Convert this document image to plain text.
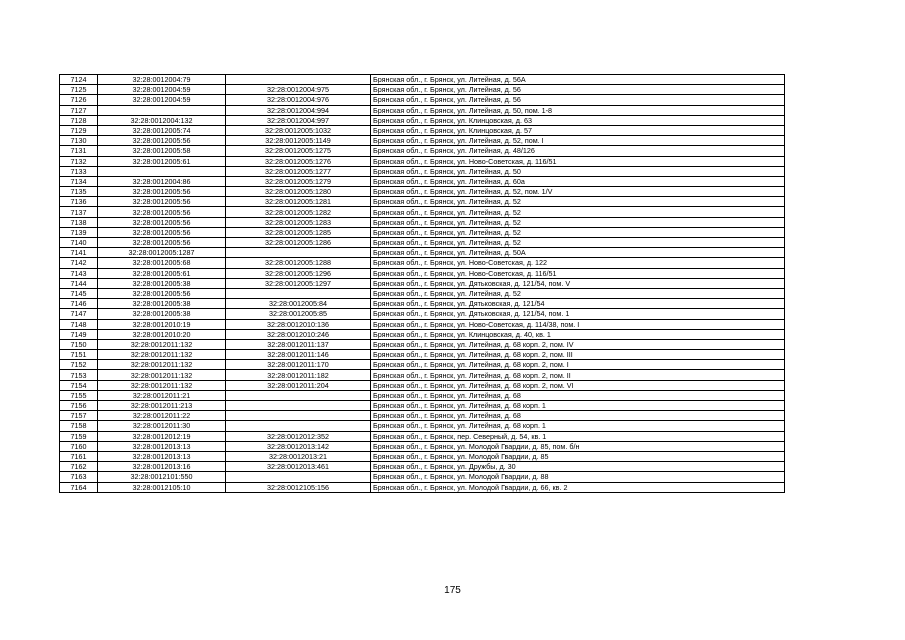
7124	32:28:0012004:79		Брянская обл., г. Брянск, ул. Литейная, д. 56А
7125	32:28:0012004:59	32:28:0012004:975	Брянская обл., г. Брянск, ул. Литейная, д. 56
7126	32:28:0012004:59	32:28:0012004:976	Брянская обл., г. Брянск, ул. Литейная, д. 56
7127		32:28:0012004:994	Брянская обл., г. Брянск, ул. Литейная, д. 50, пом. 1-8
7128	32:28:0012004:132	32:28:0012004:997	Брянская обл., г. Брянск, ул. Клинцовская, д. 63
7129	32:28:0012005:74	32:28:0012005:1032	Брянская обл., г. Брянск, ул. Клинцовская, д. 57
7130	32:28:0012005:56	32:28:0012005:1149	Брянская обл., г. Брянск, ул. Литейная, д. 52, пом. I
7131	32:28:0012005:58	32:28:0012005:1275	Брянская обл., г. Брянск, ул. Литейная, д. 48/126
7132	32:28:0012005:61	32:28:0012005:1276	Брянская обл., г. Брянск, ул. Ново-Советская, д. 116/51
7133		32:28:0012005:1277	Брянская обл., г. Брянск, ул. Литейная, д. 50
7134	32:28:0012004:86	32:28:0012005:1279	Брянская обл., г. Брянск, ул. Литейная, д. 60а
7135	32:28:0012005:56	32:28:0012005:1280	Брянская обл., г. Брянск, ул. Литейная, д. 52, пом. 1/V
7136	32:28:0012005:56	32:28:0012005:1281	Брянская обл., г. Брянск, ул. Литейная, д. 52
7137	32:28:0012005:56	32:28:0012005:1282	Брянская обл., г. Брянск, ул. Литейная, д. 52
7138	32:28:0012005:56	32:28:0012005:1283	Брянская обл., г. Брянск, ул. Литейная, д. 52
7139	32:28:0012005:56	32:28:0012005:1285	Брянская обл., г. Брянск, ул. Литейная, д. 52
7140	32:28:0012005:56	32:28:0012005:1286	Брянская обл., г. Брянск, ул. Литейная, д. 52
7141	32:28:0012005:1287		Брянская обл., г. Брянск, ул. Литейная, д. 50А
7142	32:28:0012005:68	32:28:0012005:1288	Брянская обл., г. Брянск, ул. Ново-Советская, д. 122
7143	32:28:0012005:61	32:28:0012005:1296	Брянская обл., г. Брянск, ул. Ново-Советская, д. 116/51
7144	32:28:0012005:38	32:28:0012005:1297	Брянская обл., г. Брянск, ул. Дятьковская, д. 121/54, пом. V
7145	32:28:0012005:56		Брянская обл., г. Брянск, ул. Литейная, д. 52
7146	32:28:0012005:38	32:28:0012005:84	Брянская обл., г. Брянск, ул. Дятьковская, д. 121/54
7147	32:28:0012005:38	32:28:0012005:85	Брянская обл., г. Брянск, ул. Дятьковская, д. 121/54, пом. 1
7148	32:28:0012010:19	32:28:0012010:136	Брянская обл., г. Брянск, ул. Ново-Советская, д. 114/38, пом. I
7149	32:28:0012010:20	32:28:0012010:246	Брянская обл., г. Брянск, ул. Клинцовская, д. 40, кв. 1
7150	32:28:0012011:132	32:28:0012011:137	Брянская обл., г. Брянск, ул. Литейная, д. 68 корп. 2, пом. IV
7151	32:28:0012011:132	32:28:0012011:146	Брянская обл., г. Брянск, ул. Литейная, д. 68 корп. 2, пом. III
7152	32:28:0012011:132	32:28:0012011:170	Брянская обл., г. Брянск, ул. Литейная, д. 68 корп. 2, пом. I
7153	32:28:0012011:132	32:28:0012011:182	Брянская обл., г. Брянск, ул. Литейная, д. 68 корп. 2, пом. II
7154	32:28:0012011:132	32:28:0012011:204	Брянская обл., г. Брянск, ул. Литейная, д. 68 корп. 2, пом. VI
7155	32:28:0012011:21		Брянская обл., г. Брянск, ул. Литейная, д. 68
7156	32:28:0012011:213		Брянская обл., г. Брянск, ул. Литейная, д. 68 корп. 1
7157	32:28:0012011:22		Брянская обл., г. Брянск, ул. Литейная, д. 68
7158	32:28:0012011:30		Брянская обл., г. Брянск, ул. Литейная, д. 68 корп. 1
7159	32:28:0012012:19	32:28:0012012:352	Брянская обл., г. Брянск, пер. Северный, д. 54, кв. 1
7160	32:28:0012013:13	32:28:0012013:142	Брянская обл., г. Брянск, ул. Молодой Гвардии, д. 85, пом. б/н
7161	32:28:0012013:13	32:28:0012013:21	Брянская обл., г. Брянск, ул. Молодой Гвардии, д. 85
7162	32:28:0012013:16	32:28:0012013:461	Брянская обл., г. Брянск, ул. Дружбы, д. 30
7163	32:28:0012101:550		Брянская обл., г. Брянск, ул. Молодой Гвардии, д. 88
7164	32:28:0012105:10	32:28:0012105:156	Брянская обл., г. Брянск, ул. Молодой Гвардии, д. 66, кв. 2
175
